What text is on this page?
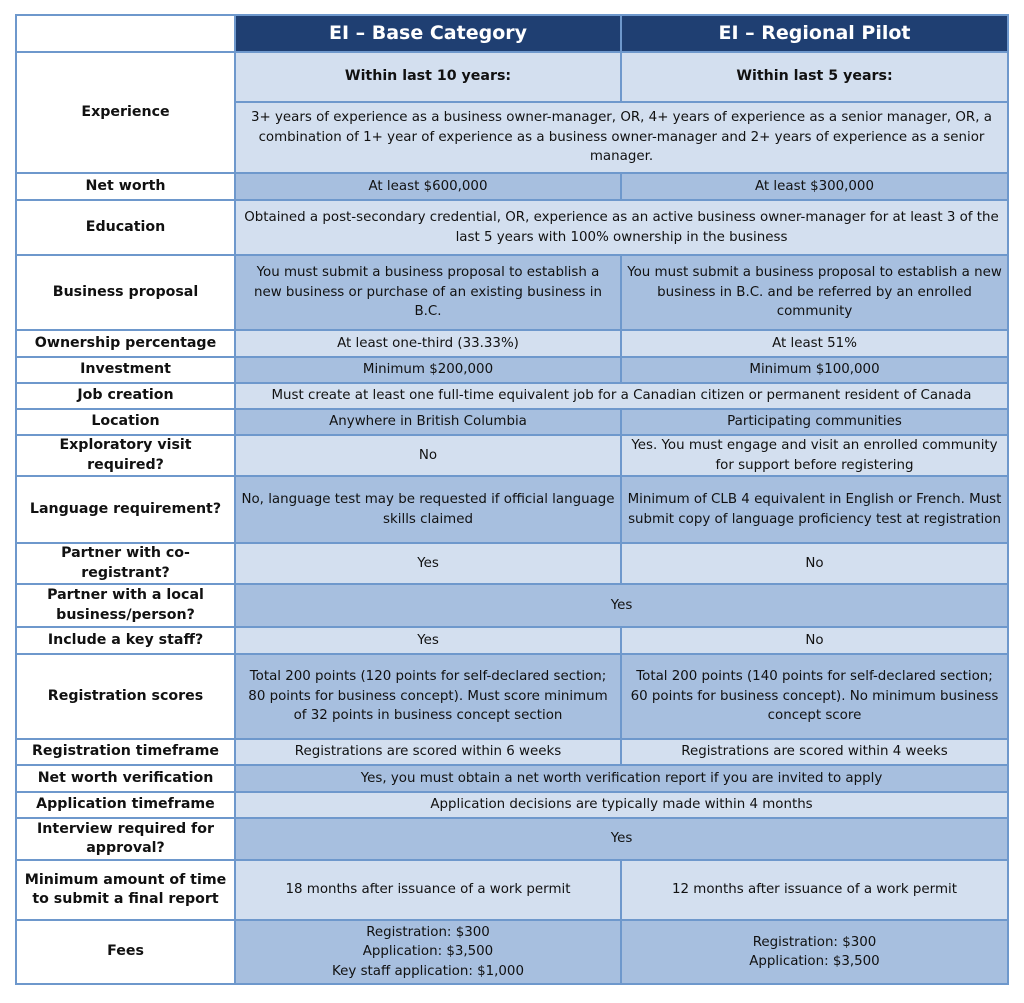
	EI – Base Category	EI – Regional Pilot
Experience	Within last 10 years:	Within last 5 years:
	3+ years of experience as a business owner-manager, OR, 4+ years of experience as a senior manager, OR, a combination of 1+ year of experience as a business owner-manager and 2+ years of experience as a senior manager.	
Net worth	At least $600,000	At least $300,000
Education	Obtained a post-secondary credential, OR, experience as an active business owner-manager for at least 3 of the last 5 years with 100% ownership in the business	
Business proposal	You must submit a business proposal to establish a new business or purchase of an existing business in B.C.	You must submit a business proposal to establish a new business in B.C. and be referred by an enrolled community
Ownership percentage	At least one-third (33.33%)	At least 51%
Investment	Minimum $200,000	Minimum $100,000
Job creation	Must create at least one full-time equivalent job for a Canadian citizen or permanent resident of Canada	
Location	Anywhere in British Columbia	Participating communities
Exploratory visit required?	No	Yes. You must engage and visit an enrolled community for support before registering
Language requirement?	No, language test may be requested if official language skills claimed	Minimum of CLB 4 equivalent in English or French. Must submit copy of language proficiency test at registration
Partner with co-registrant?	Yes	No
Partner with a local business/person?	Yes	
Include a key staff?	Yes	No
Registration scores	Total 200 points (120 points for self-declared section; 80 points for business concept). Must score minimum of 32 points in business concept section	Total 200 points (140 points for self-declared section; 60 points for business concept). No minimum business concept score
Registration timeframe	Registrations are scored within 6 weeks	Registrations are scored within 4 weeks
Net worth verification	Yes, you must obtain a net worth verification report if you are invited to apply	
Application timeframe	Application decisions are typically made within 4 months	
Interview required for approval?	Yes	
Minimum amount of time to submit a final report	18 months after issuance of a work permit	12 months after issuance of a work permit
Fees	Registration: $300
Application: $3,500
Key staff application: $1,000	Registration: $300
Application: $3,500
